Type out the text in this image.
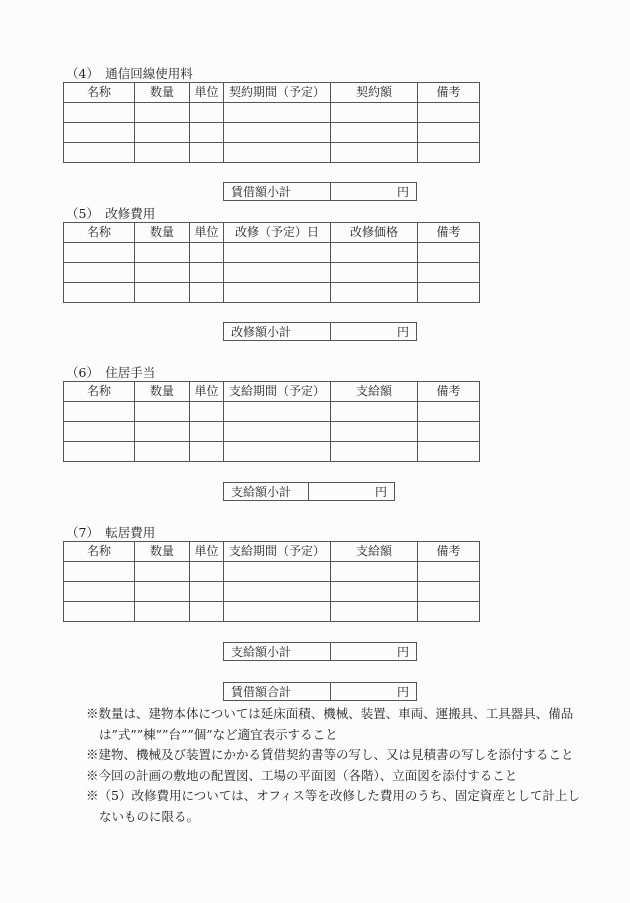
（4）　通信回線使用料
名称	数量	単位	契約期間（予定）	契約額	備考

賃借額小計	円
（5）　改修費用
名称	数量	単位	改修（予定）日	改修価格	備考

改修額小計	円
（6）　住居手当
名称	数量	単位	支給期間（予定）	支給額	備考

支給額小計	円
（7）　転居費用
名称	数量	単位	支給期間（予定）	支給額	備考

支給額小計	円
賃借額合計	円
※数量は、建物本体については延床面積、機械、装置、車両、運搬具、工具器具、備品は”式””棟””台””個”など適宜表示すること
※建物、機械及び装置にかかる賃借契約書等の写し、又は見積書の写しを添付すること
※今回の計画の敷地の配置図、工場の平面図（各階）、立面図を添付すること
※（5）改修費用については、オフィス等を改修した費用のうち、固定資産として計上しないものに限る。
